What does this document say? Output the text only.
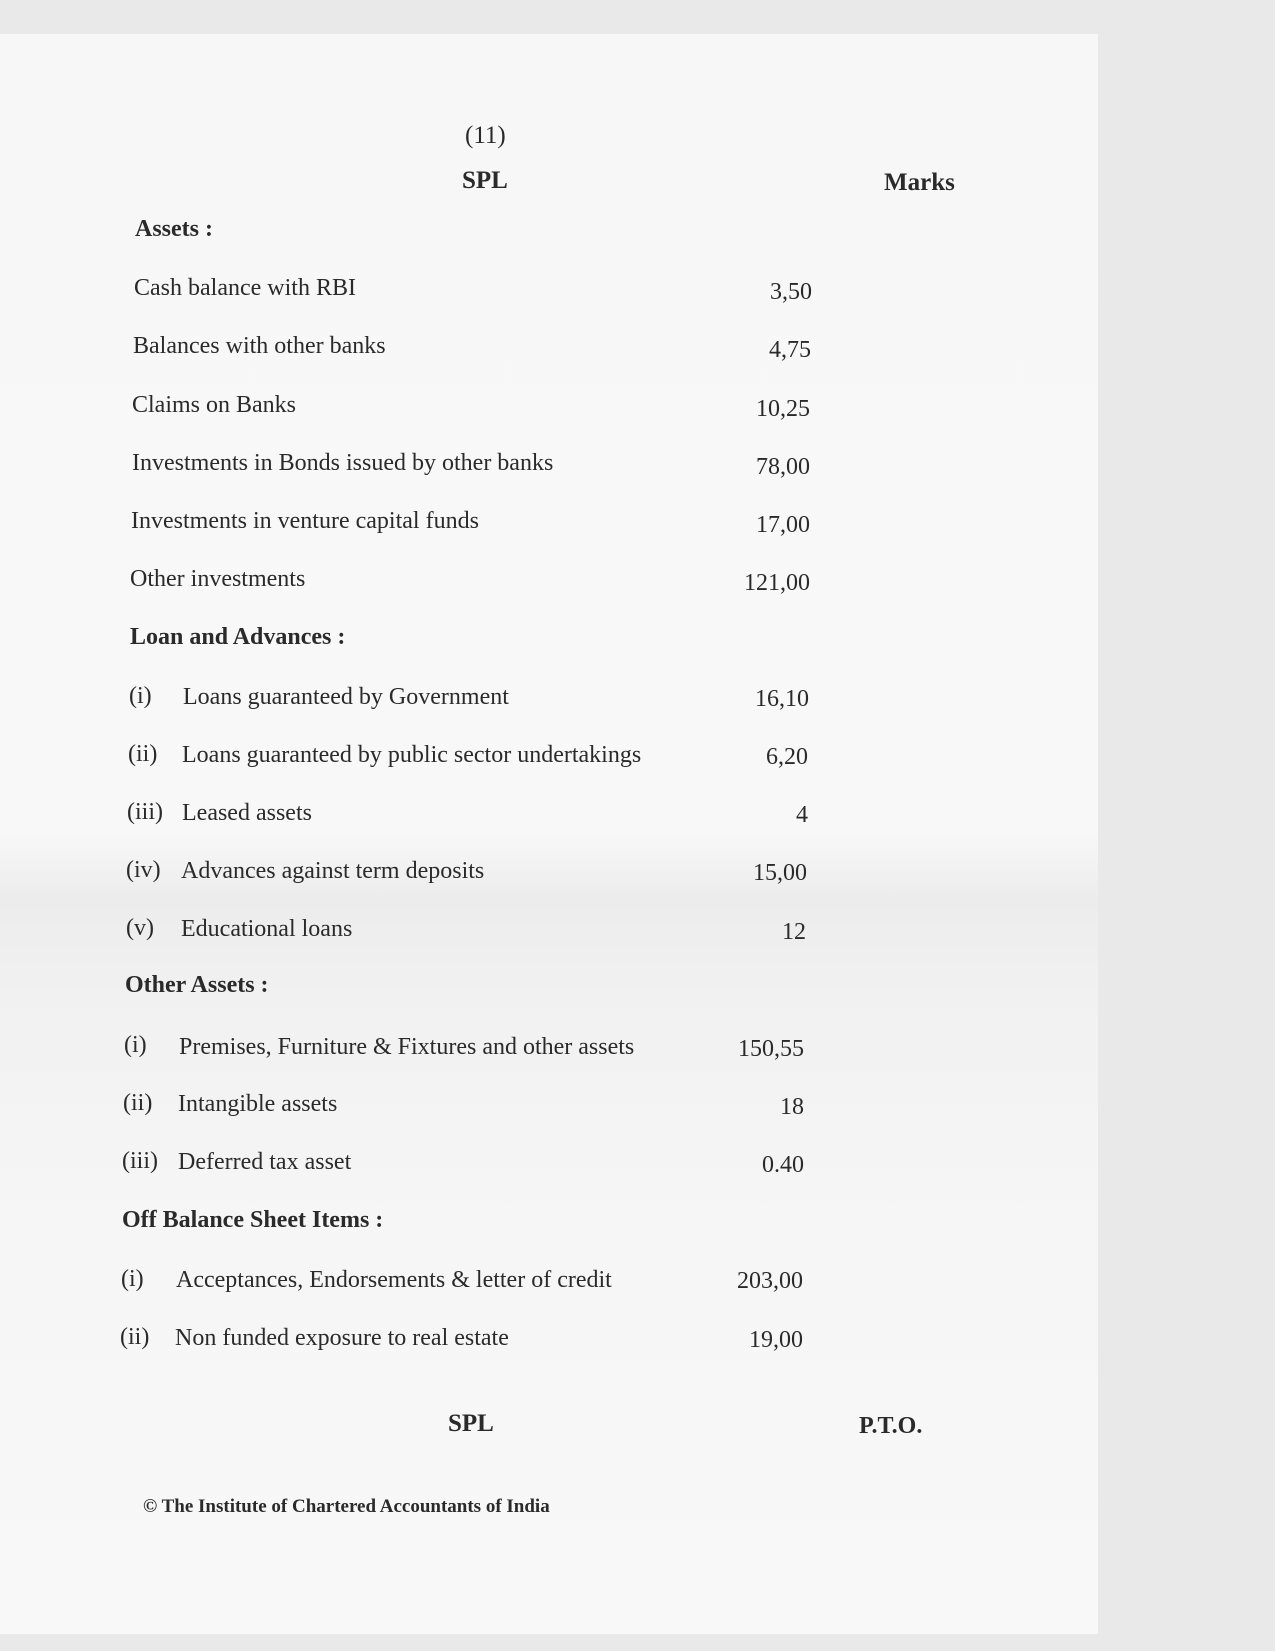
(11)
SPL	Marks
Assets :
Cash balance with RBI	3,50
Balances with other banks	4,75
Claims on Banks	10,25
Investments in Bonds issued by other banks	78,00
Investments in venture capital funds	17,00
Other investments	121,00
Loan and Advances :
(i) Loans guaranteed by Government	16,10
(ii) Loans guaranteed by public sector undertakings	6,20
(iii) Leased assets	4
(iv) Advances against term deposits	15,00
(v) Educational loans	12
Other Assets :
(i) Premises, Furniture & Fixtures and other assets	150,55
(ii) Intangible assets	18
(iii) Deferred tax asset	0.40
Off Balance Sheet Items :
(i) Acceptances, Endorsements & letter of credit	203,00
(ii) Non funded exposure to real estate	19,00
SPL	P.T.O.
© The Institute of Chartered Accountants of India
